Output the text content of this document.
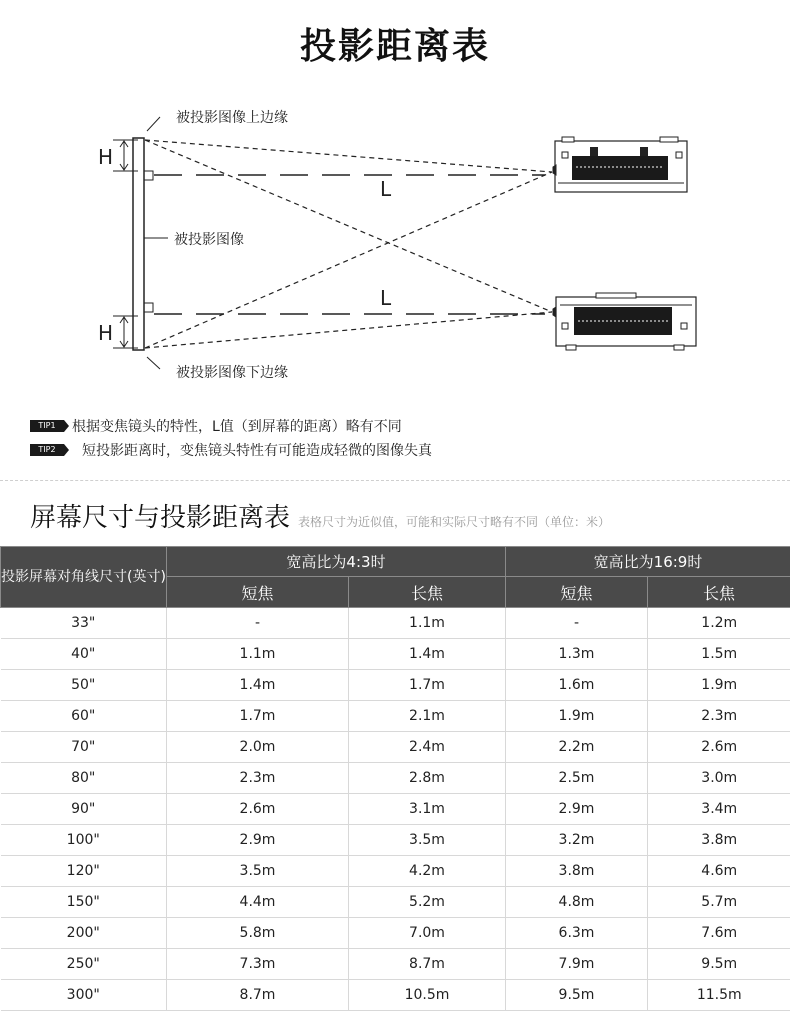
投影距离表
被投影图像上边缘
被投影图像
被投影图像下边缘
H
H
L
L
TIP1	根据变焦镜头的特性，L值（到屏幕的距离）略有不同
TIP2	短投影距离时，变焦镜头特性有可能造成轻微的图像失真
屏幕尺寸与投影距离表 表格尺寸为近似值，可能和实际尺寸略有不同（单位：米）
投影屏幕对角线尺寸(英寸)	宽高比为4:3时		宽高比为16:9时	
	短焦	长焦	短焦	长焦
33"	-	1.1m	-	1.2m
40"	1.1m	1.4m	1.3m	1.5m
50"	1.4m	1.7m	1.6m	1.9m
60"	1.7m	2.1m	1.9m	2.3m
70"	2.0m	2.4m	2.2m	2.6m
80"	2.3m	2.8m	2.5m	3.0m
90"	2.6m	3.1m	2.9m	3.4m
100"	2.9m	3.5m	3.2m	3.8m
120"	3.5m	4.2m	3.8m	4.6m
150"	4.4m	5.2m	4.8m	5.7m
200"	5.8m	7.0m	6.3m	7.6m
250"	7.3m	8.7m	7.9m	9.5m
300"	8.7m	10.5m	9.5m	11.5m
